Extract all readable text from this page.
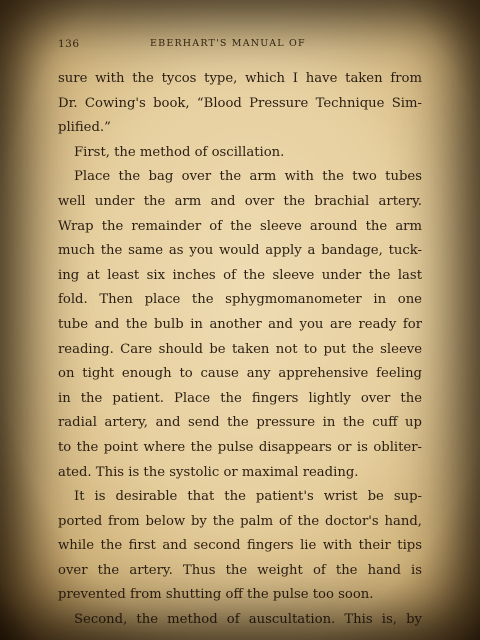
136	EBERHART'S MANUAL OF
sure with the tycos type, which I have taken from
Dr. Cowing's book, “Blood Pressure Technique Sim-
plified.”
First, the method of oscillation.
Place the bag over the arm with the two tubes
well under the arm and over the brachial artery.
Wrap the remainder of the sleeve around the arm
much the same as you would apply a bandage, tuck-
ing at least six inches of the sleeve under the last
fold. Then place the sphygmomanometer in one
tube and the bulb in another and you are ready for
reading. Care should be taken not to put the sleeve
on tight enough to cause any apprehensive feeling
in the patient. Place the fingers lightly over the
radial artery, and send the pressure in the cuff up
to the point where the pulse disappears or is obliter-
ated. This is the systolic or maximal reading.
It is desirable that the patient's wrist be sup-
ported from below by the palm of the doctor's hand,
while the first and second fingers lie with their tips
over the artery. Thus the weight of the hand is
prevented from shutting off the pulse too soon.
Second, the method of auscultation. This is, by
